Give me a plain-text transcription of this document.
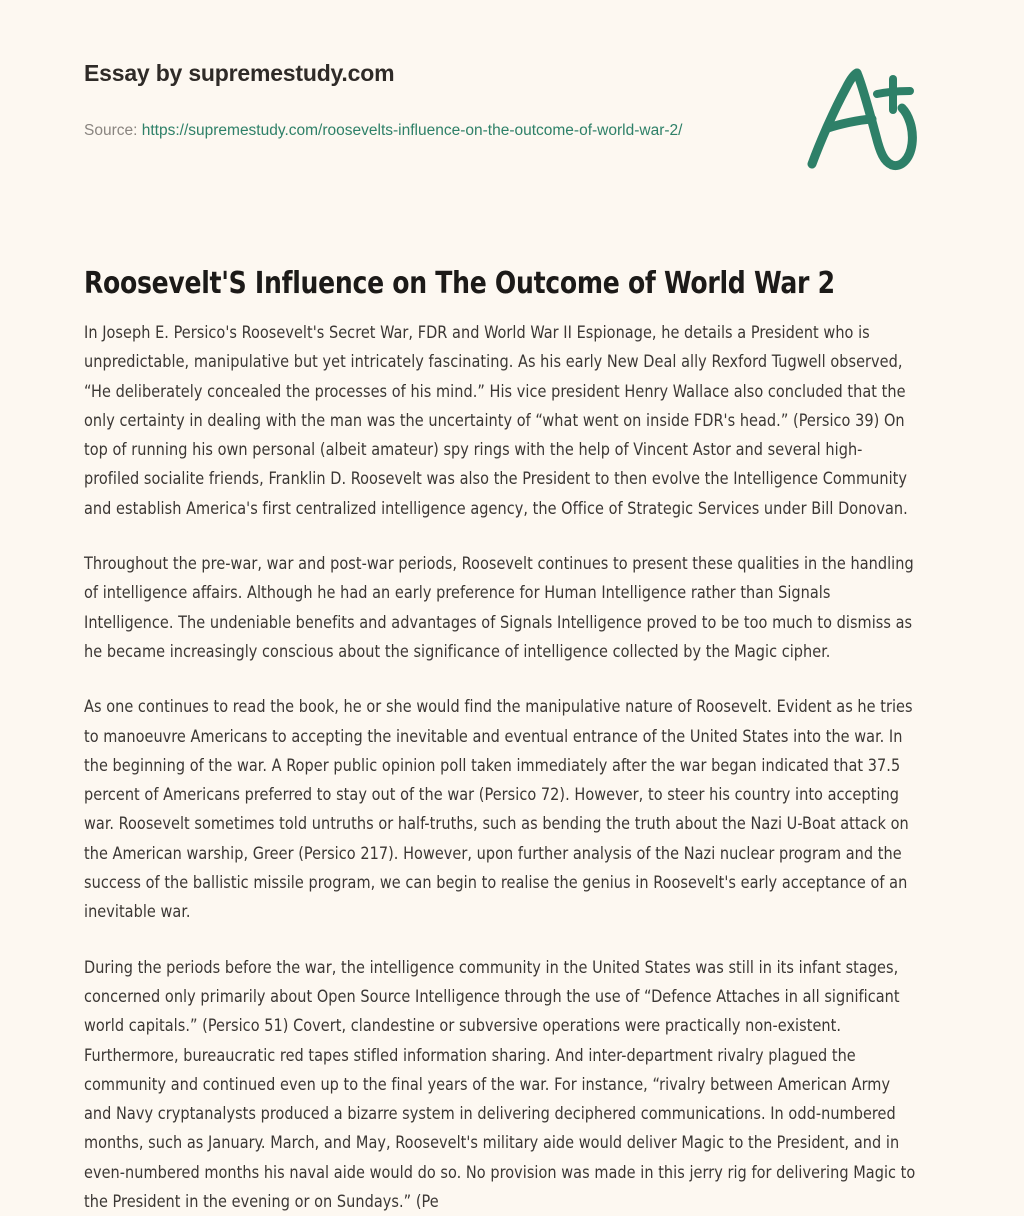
Essay by supremestudy.com
Source: https://supremestudy.com/roosevelts-influence-on-the-outcome-of-world-war-2/
Roosevelt'S Influence on The Outcome of World War 2

In Joseph E. Persico's Roosevelt's Secret War, FDR and World War II Espionage, he details a President who is unpredictable, manipulative but yet intricately fascinating. As his early New Deal ally Rexford Tugwell observed, “He deliberately concealed the processes of his mind.” His vice president Henry Wallace also concluded that the only certainty in dealing with the man was the uncertainty of “what went on inside FDR's head.” (Persico 39) On top of running his own personal (albeit amateur) spy rings with the help of Vincent Astor and several high-profiled socialite friends, Franklin D. Roosevelt was also the President to then evolve the Intelligence Community and establish America's first centralized intelligence agency, the Office of Strategic Services under Bill Donovan.

Throughout the pre-war, war and post-war periods, Roosevelt continues to present these qualities in the handling of intelligence affairs. Although he had an early preference for Human Intelligence rather than Signals Intelligence. The undeniable benefits and advantages of Signals Intelligence proved to be too much to dismiss as he became increasingly conscious about the significance of intelligence collected by the Magic cipher.

As one continues to read the book, he or she would find the manipulative nature of Roosevelt. Evident as he tries to manoeuvre Americans to accepting the inevitable and eventual entrance of the United States into the war. In the beginning of the war. A Roper public opinion poll taken immediately after the war began indicated that 37.5 percent of Americans preferred to stay out of the war (Persico 72). However, to steer his country into accepting war. Roosevelt sometimes told untruths or half-truths, such as bending the truth about the Nazi U-Boat attack on the American warship, Greer (Persico 217). However, upon further analysis of the Nazi nuclear program and the success of the ballistic missile program, we can begin to realise the genius in Roosevelt's early acceptance of an inevitable war.

During the periods before the war, the intelligence community in the United States was still in its infant stages, concerned only primarily about Open Source Intelligence through the use of “Defence Attaches in all significant world capitals.” (Persico 51) Covert, clandestine or subversive operations were practically non-existent. Furthermore, bureaucratic red tapes stifled information sharing. And inter-department rivalry plagued the community and continued even up to the final years of the war. For instance, “rivalry between American Army and Navy cryptanalysts produced a bizarre system in delivering deciphered communications. In odd-numbered months, such as January. March, and May, Roosevelt's military aide would deliver Magic to the President, and in even-numbered months his naval aide would do so. No provision was made in this jerry rig for delivering Magic to the President in the evening or on Sundays.” (Pe
